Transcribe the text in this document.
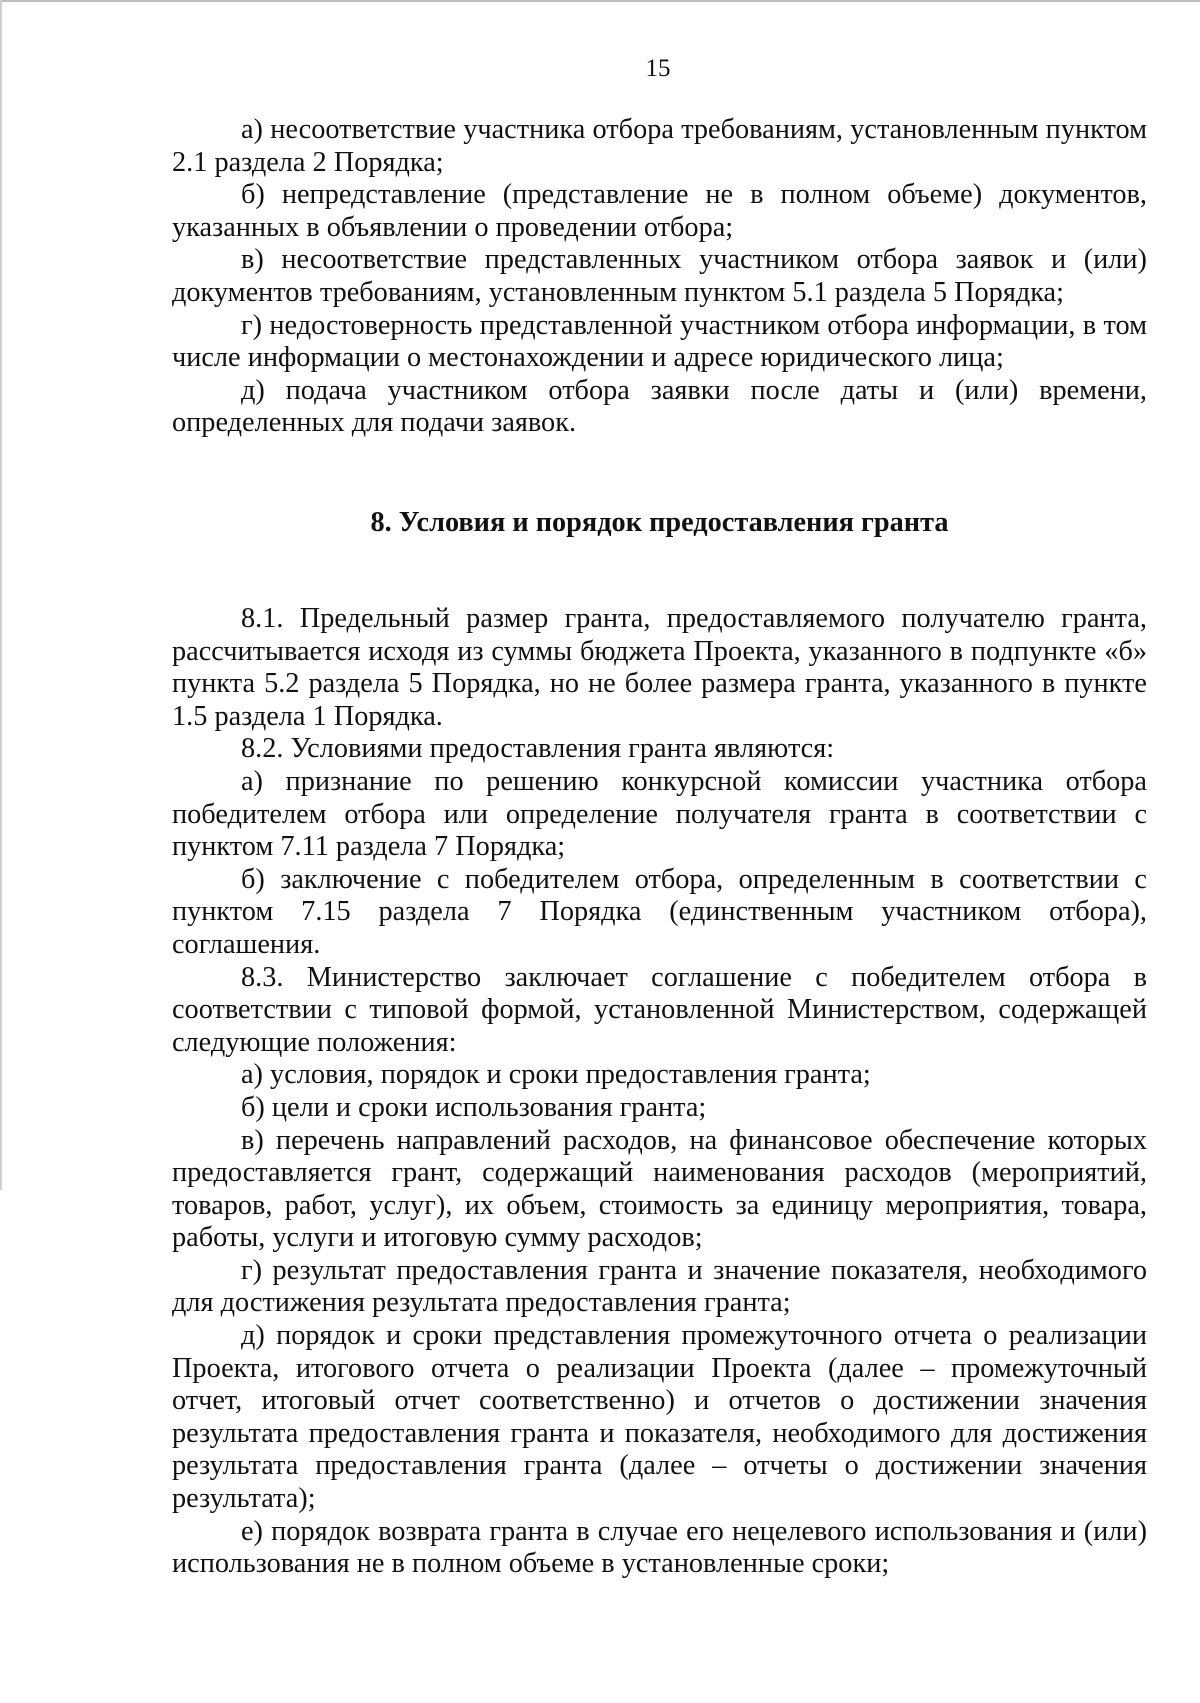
15

а) несоответствие участника отбора требованиям, установленным пунктом 2.1 раздела 2 Порядка;

б) непредставление (представление не в полном объеме) документов, указанных в объявлении о проведении отбора;

в) несоответствие представленных участником отбора заявок и (или) документов требованиям, установленным пунктом 5.1 раздела 5 Порядка;

г) недостоверность представленной участником отбора информации, в том числе информации о местонахождении и адресе юридического лица;

д) подача участником отбора заявки после даты и (или) времени, определенных для подачи заявок.

8. Условия и порядок предоставления гранта

8.1. Предельный размер гранта, предоставляемого получателю гранта, рассчитывается исходя из суммы бюджета Проекта, указанного в подпункте «б» пункта 5.2 раздела 5 Порядка, но не более размера гранта, указанного в пункте 1.5 раздела 1 Порядка.

8.2. Условиями предоставления гранта являются:

а) признание по решению конкурсной комиссии участника отбора победителем отбора или определение получателя гранта в соответствии с пунктом 7.11 раздела 7 Порядка;

б) заключение с победителем отбора, определенным в соответствии с пунктом 7.15 раздела 7 Порядка (единственным участником отбора), соглашения.

8.3. Министерство заключает соглашение с победителем отбора в соответствии с типовой формой, установленной Министерством, содержащей следующие положения:

а) условия, порядок и сроки предоставления гранта;

б) цели и сроки использования гранта;

в) перечень направлений расходов, на финансовое обеспечение которых предоставляется грант, содержащий наименования расходов (мероприятий, товаров, работ, услуг), их объем, стоимость за единицу мероприятия, товара, работы, услуги и итоговую сумму расходов;

г) результат предоставления гранта и значение показателя, необходимого для достижения результата предоставления гранта;

д) порядок и сроки представления промежуточного отчета о реализации Проекта, итогового отчета о реализации Проекта (далее – промежуточный отчет, итоговый отчет соответственно) и отчетов о достижении значения результата предоставления гранта и показателя, необходимого для достижения результата предоставления гранта (далее – отчеты о достижении значения результата);

е) порядок возврата гранта в случае его нецелевого использования и (или) использования не в полном объеме в установленные сроки;
